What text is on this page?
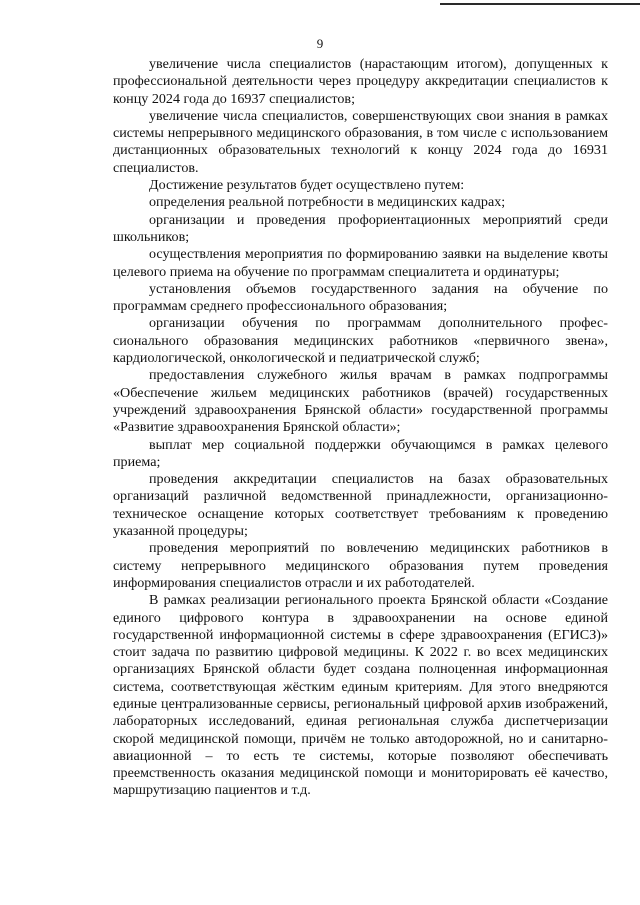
9

увеличение числа специалистов (нарастающим итогом), допущенных к профессиональной деятельности через процедуру аккредитации специалистов к концу 2024 года до 16937 специалистов;

увеличение числа специалистов, совершенствующих свои знания в рамках системы непрерывного медицинского образования, в том числе с использованием дистанционных образовательных технологий к концу 2024 года до 16931 специалистов.

Достижение результатов будет осуществлено путем:

определения реальной потребности в медицинских кадрах;

организации и проведения профориентационных мероприятий среди школьников;

осуществления мероприятия по формированию заявки на выделение квоты целевого приема на обучение по программам специалитета и ординатуры;

установления объемов государственного задания на обучение по программам среднего профессионального образования;

организации обучения по программам дополнительного профессионального образования медицинских работников «первичного звена», кардиологической, онкологической и педиатрической служб;

предоставления служебного жилья врачам в рамках подпрограммы «Обеспечение жильем медицинских работников (врачей) государственных учреждений здравоохранения Брянской области» государственной программы «Развитие здравоохранения Брянской области»;

выплат мер социальной поддержки обучающимся в рамках целевого приема;

проведения аккредитации специалистов на базах образовательных организаций различной ведомственной принадлежности, организационно-техническое оснащение которых соответствует требованиям к проведению указанной процедуры;

проведения мероприятий по вовлечению медицинских работников в систему непрерывного медицинского образования путем проведения информирования специалистов отрасли и их работодателей.

В рамках реализации регионального проекта Брянской области «Создание единого цифрового контура в здравоохранении на основе единой государственной информационной системы в сфере здравоохранения (ЕГИСЗ)» стоит задача по развитию цифровой медицины. К 2022 г. во всех медицинских организациях Брянской области будет создана полноценная информационная система, соответствующая жёстким единым критериям. Для этого внедряются единые централизованные сервисы, региональный цифровой архив изображений, лабораторных исследований, единая региональная служба диспетчеризации скорой медицинской помощи, причём не только автодорожной, но и санитарно-авиационной – то есть те системы, которые позволяют обеспечивать преемственность оказания медицинской помощи и мониторировать её качество, маршрутизацию пациентов и т.д.
